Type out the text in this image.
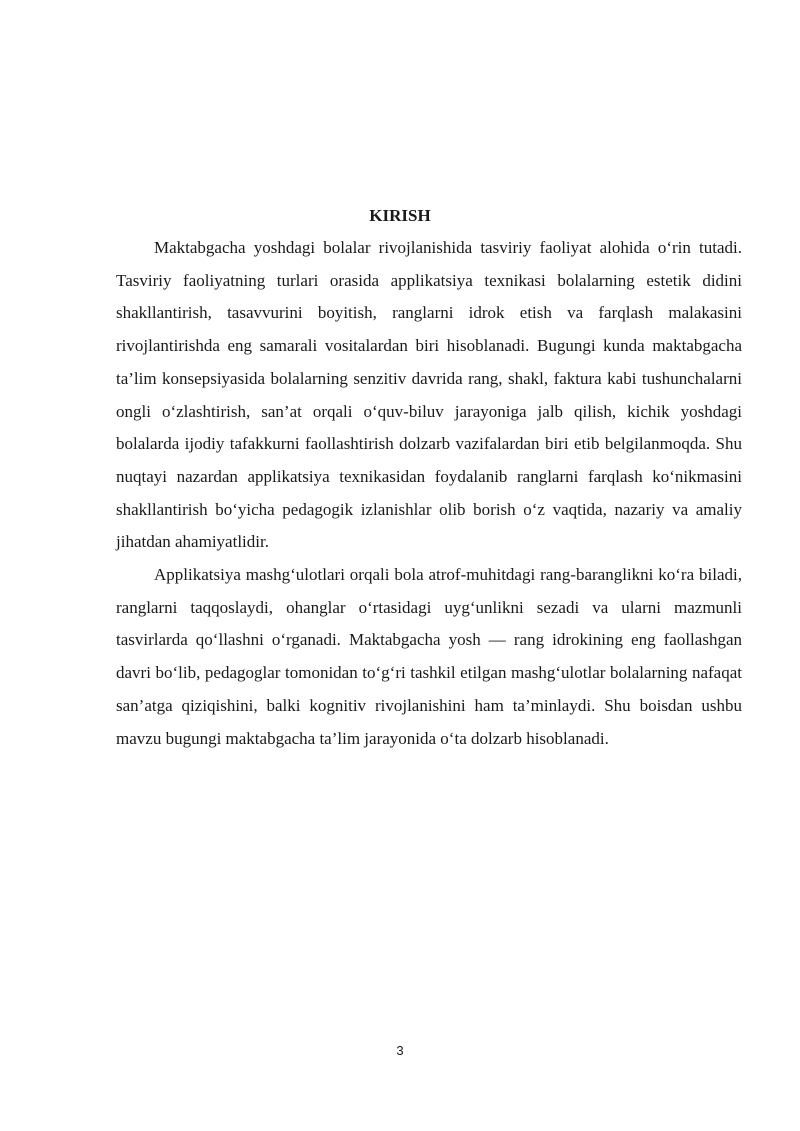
KIRISH

Maktabgacha yoshdagi bolalar rivojlanishida tasviriy faoliyat alohida o‘rin tutadi. Tasviriy faoliyatning turlari orasida applikatsiya texnikasi bolalarning estetik didini shakllantirish, tasavvurini boyitish, ranglarni idrok etish va farqlash malakasini rivojlantirishda eng samarali vositalardan biri hisoblanadi. Bugungi kunda maktabgacha ta’lim konsepsiyasida bolalarning senzitiv davrida rang, shakl, faktura kabi tushunchalarni ongli o‘zlashtirish, san’at orqali o‘quv-biluv jarayoniga jalb qilish, kichik yoshdagi bolalarda ijodiy tafakkurni faollashtirish dolzarb vazifalardan biri etib belgilanmoqda. Shu nuqtayi nazardan applikatsiya texnikasidan foydalanib ranglarni farqlash ko‘nikmasini shakllantirish bo‘yicha pedagogik izlanishlar olib borish o‘z vaqtida, nazariy va amaliy jihatdan ahamiyatlidir.

Applikatsiya mashg‘ulotlari orqali bola atrof-muhitdagi rang-baranglikni ko‘ra biladi, ranglarni taqqoslaydi, ohanglar o‘rtasidagi uyg‘unlikni sezadi va ularni mazmunli tasvirlarda qo‘llashni o‘rganadi. Maktabgacha yosh — rang idrokining eng faollashgan davri bo‘lib, pedagoglar tomonidan to‘g‘ri tashkil etilgan mashg‘ulotlar bolalarning nafaqat san’atga qiziqishini, balki kognitiv rivojlanishini ham ta’minlaydi. Shu boisdan ushbu mavzu bugungi maktabgacha ta’lim jarayonida o‘ta dolzarb hisoblanadi.

3
